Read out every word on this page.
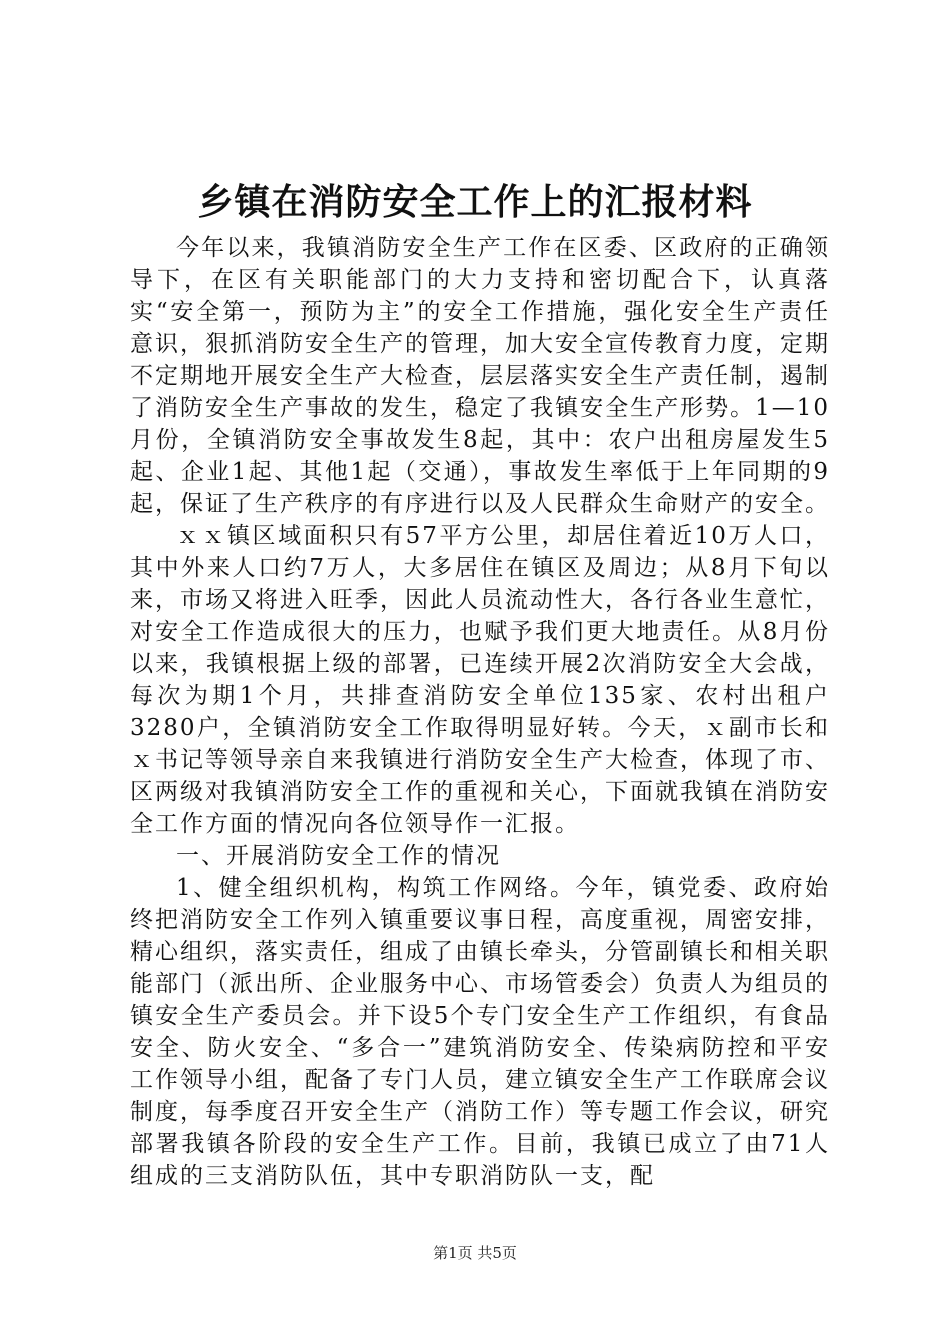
乡镇在消防安全工作上的汇报材料

今年以来，我镇消防安全生产工作在区委、区政府的正确领导下，在区有关职能部门的大力支持和密切配合下，认真落实“安全第一，预防为主”的安全工作措施，强化安全生产责任意识，狠抓消防安全生产的管理，加大安全宣传教育力度，定期不定期地开展安全生产大检查，层层落实安全生产责任制，遏制了消防安全生产事故的发生，稳定了我镇安全生产形势。1—10月份，全镇消防安全事故发生8起，其中：农户出租房屋发生5起、企业1起、其他1起（交通），事故发生率低于上年同期的9起，保证了生产秩序的有序进行以及人民群众生命财产的安全。

ｘｘ镇区域面积只有57平方公里，却居住着近10万人口，其中外来人口约7万人，大多居住在镇区及周边；从8月下旬以来，市场又将进入旺季，因此人员流动性大，各行各业生意忙，对安全工作造成很大的压力，也赋予我们更大地责任。从8月份以来，我镇根据上级的部署，已连续开展2次消防安全大会战，每次为期1个月，共排查消防安全单位135家、农村出租户3280户，全镇消防安全工作取得明显好转。今天，ｘ副市长和ｘ书记等领导亲自来我镇进行消防安全生产大检查，体现了市、区两级对我镇消防安全工作的重视和关心，下面就我镇在消防安全工作方面的情况向各位领导作一汇报。

一、开展消防安全工作的情况

1、健全组织机构，构筑工作网络。今年，镇党委、政府始终把消防安全工作列入镇重要议事日程，高度重视，周密安排，精心组织，落实责任，组成了由镇长牵头，分管副镇长和相关职能部门（派出所、企业服务中心、市场管委会）负责人为组员的镇安全生产委员会。并下设5个专门安全生产工作组织，有食品安全、防火安全、“多合一”建筑消防安全、传染病防控和平安工作领导小组，配备了专门人员，建立镇安全生产工作联席会议制度，每季度召开安全生产（消防工作）等专题工作会议，研究部署我镇各阶段的安全生产工作。目前，我镇已成立了由71人组成的三支消防队伍，其中专职消防队一支，配

第1页 共5页
